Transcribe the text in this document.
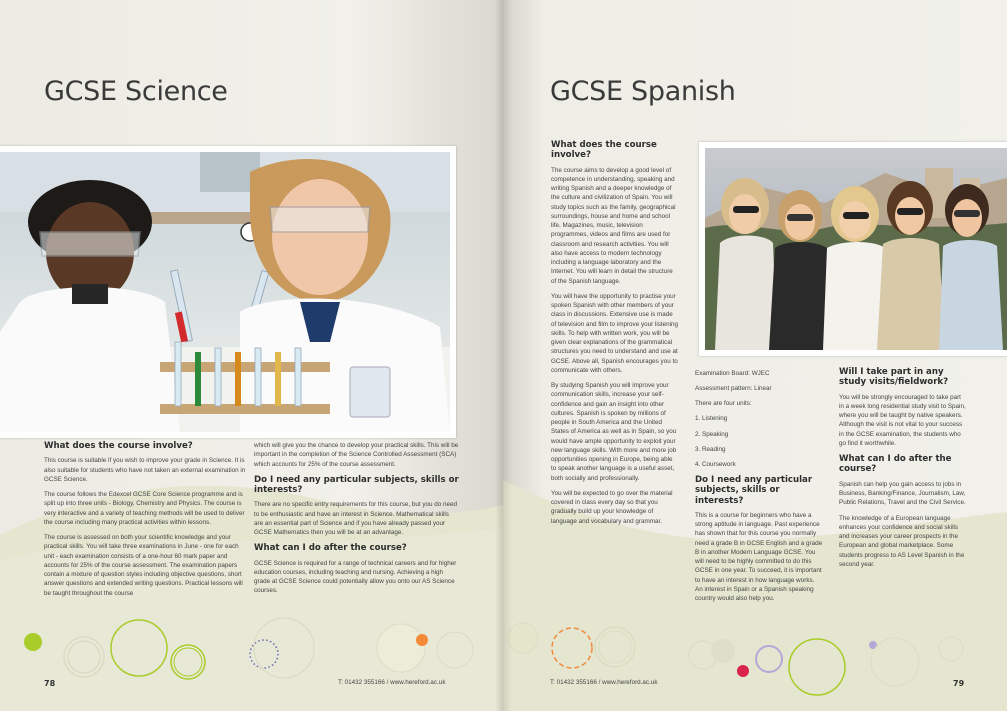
GCSE Science
What does the course involve?

This course is suitable if you wish to improve your grade in Science. It is also suitable for students who have not taken an external examination in GCSE Science.

The course follows the Edexcel GCSE Core Science programme and is split up into three units - Biology, Chemistry and Physics. The course is very interactive and a variety of teaching methods will be used to deliver the course including many practical activities within lessons.

The course is assessed on both your scientific knowledge and your practical skills. You will take three examinations in June - one for each unit - each examination consists of a one-hour 60 mark paper and accounts for 25% of the course assessment. The examination papers contain a mixture of question styles including objective questions, short answer questions and extended writing questions. Practical lessons will be taught throughout the course

which will give you the chance to develop your practical skills. This will be important in the completion of the Science Controlled Assessment (SCA) which accounts for 25% of the course assessment.

Do I need any particular subjects, skills or interests?

There are no specific entry requirements for this course, but you do need to be enthusiastic and have an interest in Science. Mathematical skills are an essential part of Science and if you have already passed your GCSE Mathematics then you will be at an advantage.

What can I do after the course?

GCSE Science is required for a range of technical careers and for higher education courses, including teaching and nursing. Achieving a high grade at GCSE Science could potentially allow you onto our AS Science courses.

78	T: 01432 355166 / www.hereford.ac.uk
GCSE Spanish
What does the course involve?

The course aims to develop a good level of competence in understanding, speaking and writing Spanish and a deeper knowledge of the culture and civilization of Spain. You will study topics such as the family, geographical surroundings, house and home and school life. Magazines, music, television programmes, videos and films are used for classroom and research activities. You will also have access to modern technology including a language laboratory and the Internet. You will learn in detail the structure of the Spanish language.

You will have the opportunity to practise your spoken Spanish with other members of your class in discussions. Extensive use is made of television and film to improve your listening skills. To help with written work, you will be given clear explanations of the grammatical structures you need to understand and use at GCSE. Above all, Spanish encourages you to communicate with others.

By studying Spanish you will improve your communication skills, increase your self-confidence and gain an insight into other cultures. Spanish is spoken by millions of people in South America and the United States of America as well as in Spain, so you would have ample opportunity to exploit your new language skills. With more and more job opportunities opening in Europe, being able to speak another language is a useful asset, both socially and professionally.

You will be expected to go over the material covered in class every day so that you gradually build up your knowledge of language and vocabulary and grammar.

Examination Board: WJEC

Assessment pattern: Linear

There are four units:

1. Listening

2. Speaking

3. Reading

4. Coursework

Do I need any particular subjects, skills or interests?

This is a course for beginners who have a strong aptitude in language. Past experience has shown that for this course you normally need a grade B in GCSE English and a grade B in another Modern Language GCSE. You will need to be highly committed to do this GCSE in one year. To succeed, it is important to have an interest in how language works. An interest in Spain or a Spanish speaking country would also help you.

Will I take part in any study visits/fieldwork?

You will be strongly encouraged to take part in a week long residential study visit to Spain, where you will be taught by native speakers. Although the visit is not vital to your success in the GCSE examination, the students who go find it worthwhile.

What can I do after the course?

Spanish can help you gain access to jobs in Business, Banking/Finance, Journalism, Law, Public Relations, Travel and the Civil Service.

The knowledge of a European language enhances your confidence and social skills and increases your career prospects in the European and global marketplace. Some students progress to AS Level Spanish in the second year.

T: 01432 355166 / www.hereford.ac.uk	79
